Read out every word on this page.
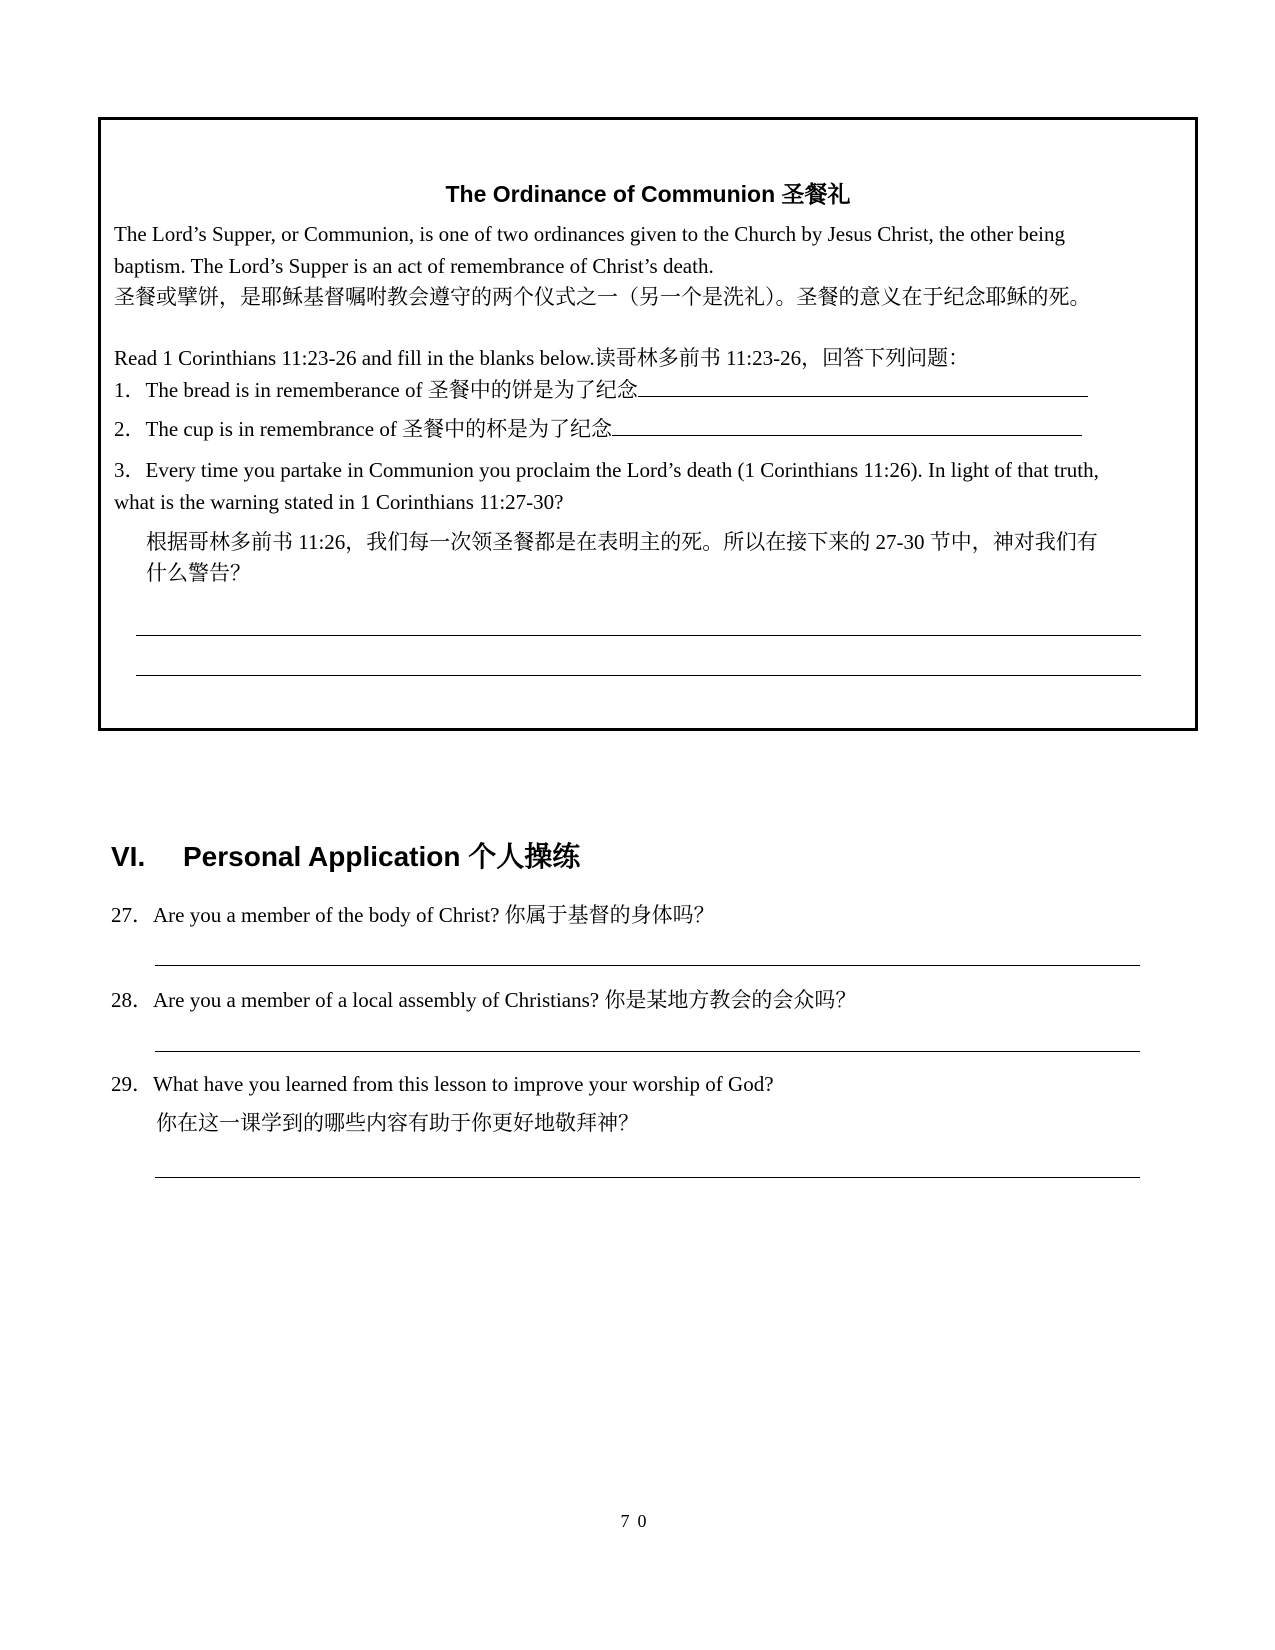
The Ordinance of Communion 圣餐礼
The Lord’s Supper, or Communion, is one of two ordinances given to the Church by Jesus Christ, the other being
baptism. The Lord’s Supper is an act of remembrance of Christ’s death.
圣餐或擘饼，是耶稣基督嘱咐教会遵守的两个仪式之一（另一个是洗礼）。圣餐的意义在于纪念耶稣的死。
Read 1 Corinthians 11:23-26 and fill in the blanks below.读哥林多前书 11:23-26，回答下列问题：
1．The bread is in rememberance of 圣餐中的饼是为了纪念
2．The cup is in remembrance of 圣餐中的杯是为了纪念
3．Every time you partake in Communion you proclaim the Lord’s death (1 Corinthians 11:26). In light of that truth,
what is the warning stated in 1 Corinthians 11:27-30?
根据哥林多前书 11:26，我们每一次领圣餐都是在表明主的死。所以在接下来的 27-30 节中，神对我们有
什么警告？
VI. Personal Application 个人操练
27．Are you a member of the body of Christ? 你属于基督的身体吗？
28．Are you a member of a local assembly of Christians? 你是某地方教会的会众吗？
29．What have you learned from this lesson to improve your worship of God?
你在这一课学到的哪些内容有助于你更好地敬拜神？
70
